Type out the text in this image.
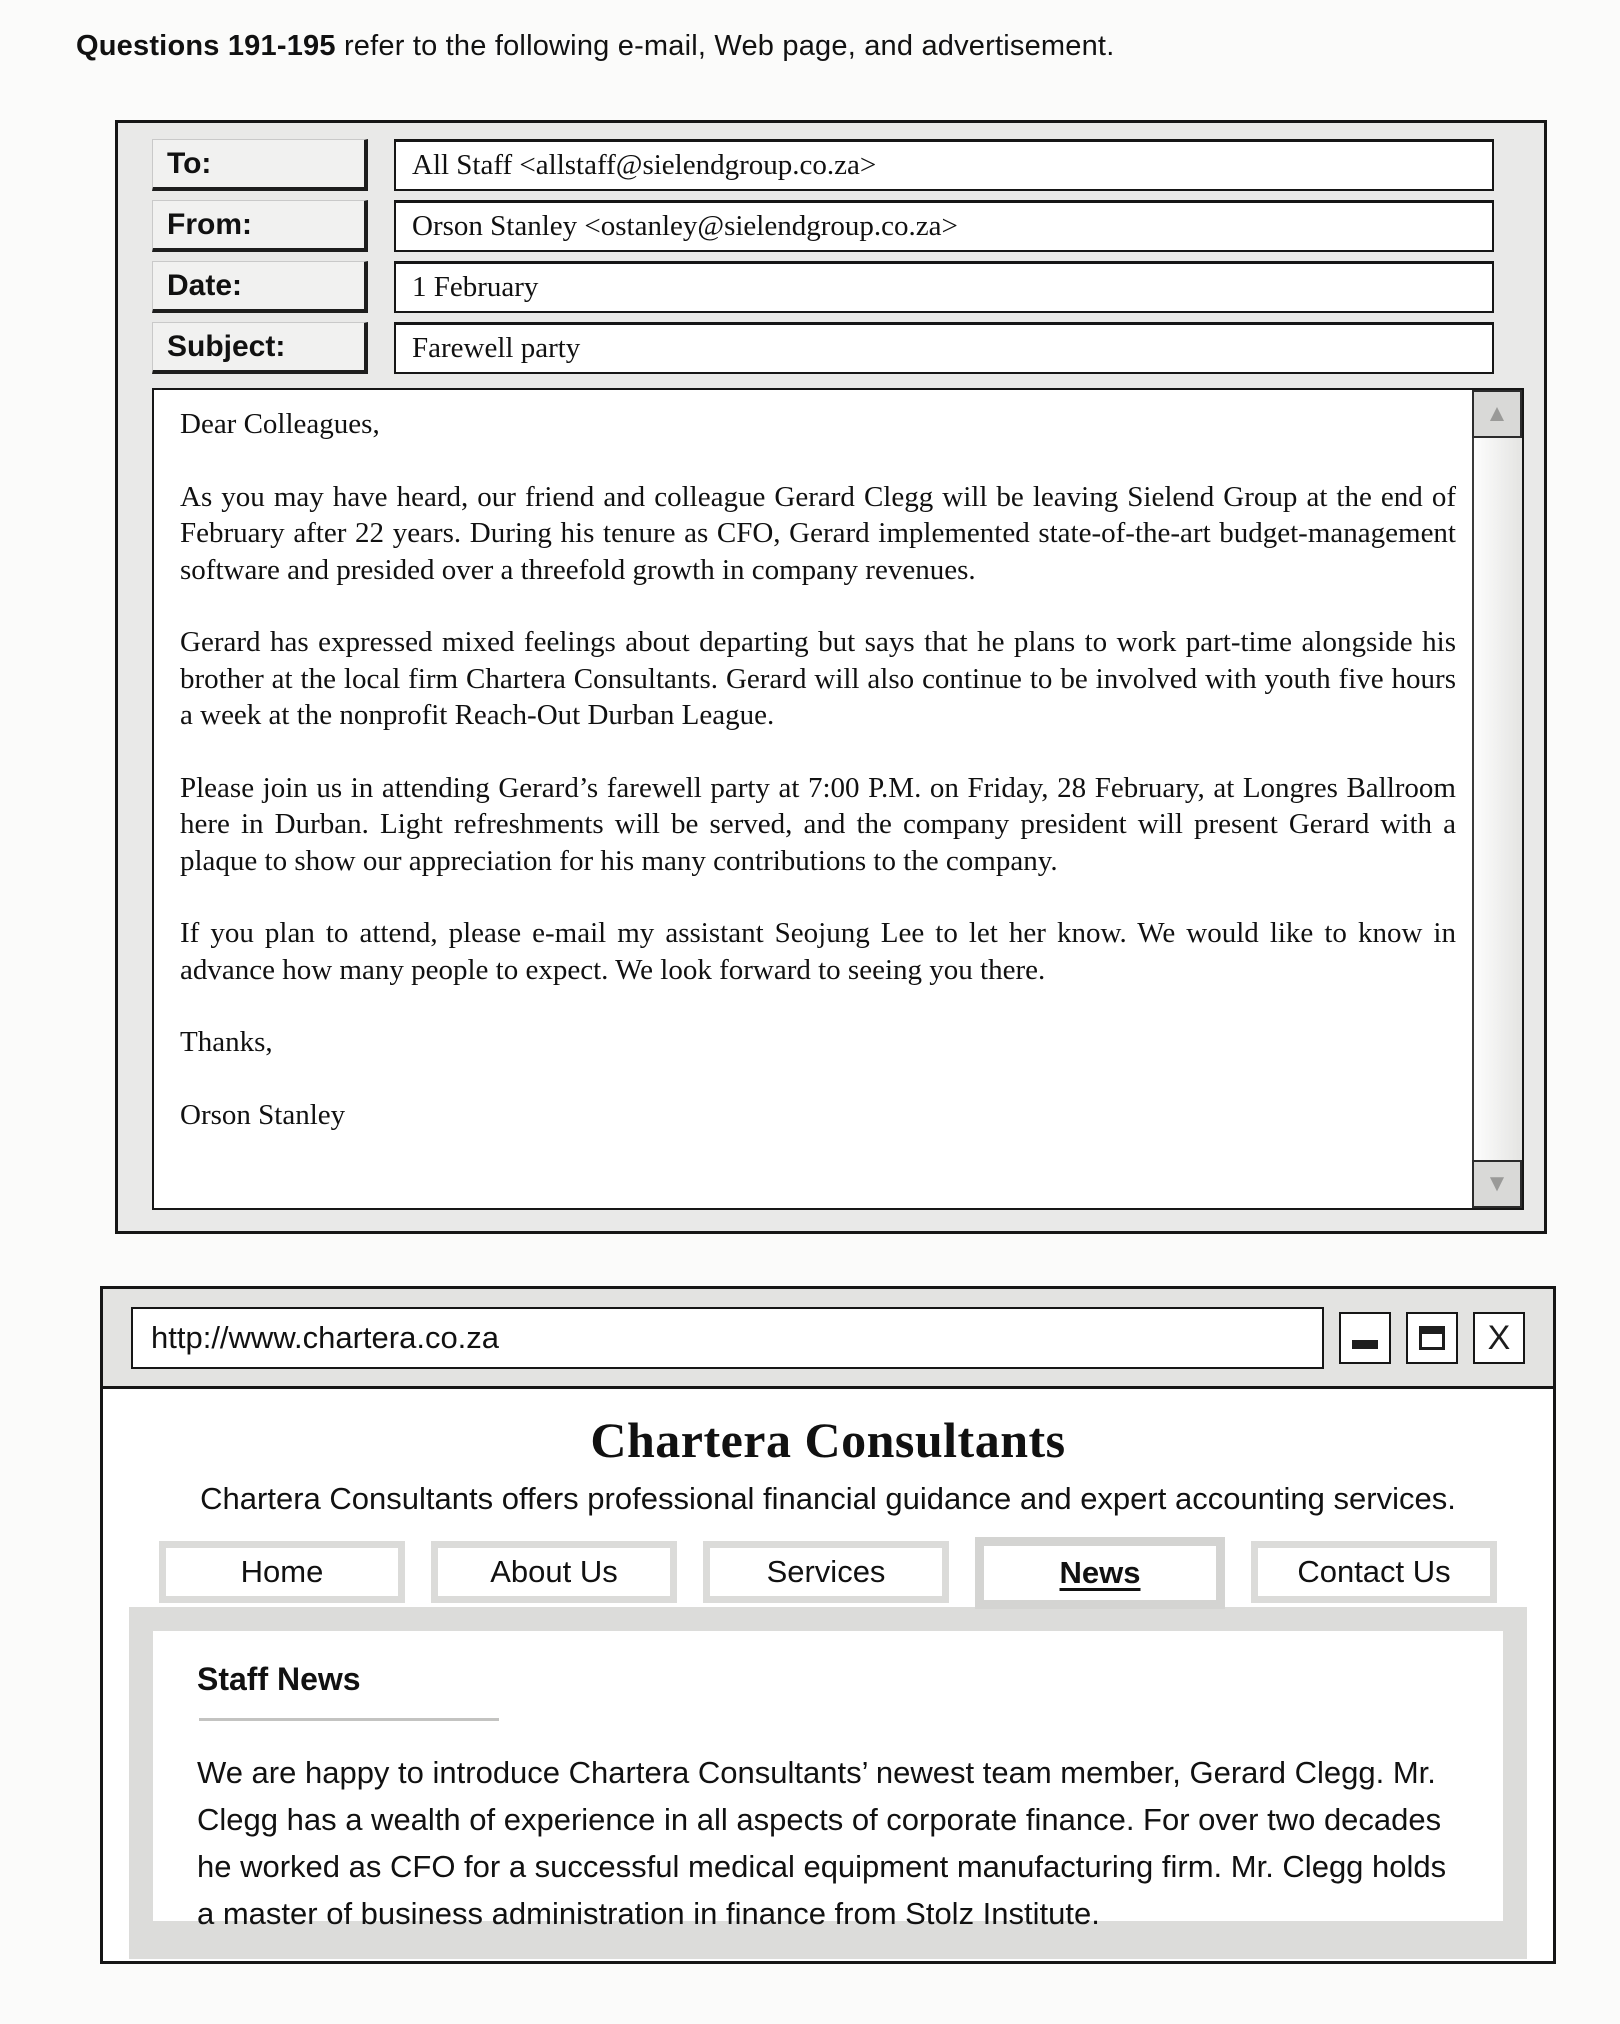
Questions 191-195 refer to the following e-mail, Web page, and advertisement.
To:	All Staff <allstaff@sielendgroup.co.za>
From:	Orson Stanley <ostanley@sielendgroup.co.za>
Date:	1 February
Subject:	Farewell party

Dear Colleagues,

As you may have heard, our friend and colleague Gerard Clegg will be leaving Sielend Group at the end of February after 22 years. During his tenure as CFO, Gerard implemented state-of-the-art budget-management software and presided over a threefold growth in company revenues.

Gerard has expressed mixed feelings about departing but says that he plans to work part-time alongside his brother at the local firm Chartera Consultants. Gerard will also continue to be involved with youth five hours a week at the nonprofit Reach-Out Durban League.

Please join us in attending Gerard’s farewell party at 7:00 P.M. on Friday, 28 February, at Longres Ballroom here in Durban. Light refreshments will be served, and the company president will present Gerard with a plaque to show our appreciation for his many contributions to the company.

If you plan to attend, please e-mail my assistant Seojung Lee to let her know. We would like to know in advance how many people to expect. We look forward to seeing you there.

Thanks,

Orson Stanley

▲
▼
http://www.chartera.co.za	X
Chartera Consultants
Chartera Consultants offers professional financial guidance and expert accounting services.
Home	About Us	Services	News	Contact Us
Staff News
We are happy to introduce Chartera Consultants’ newest team member, Gerard Clegg. Mr. Clegg has a wealth of experience in all aspects of corporate finance. For over two decades he worked as CFO for a successful medical equipment manufacturing firm. Mr. Clegg holds a master of business administration in finance from Stolz Institute.
